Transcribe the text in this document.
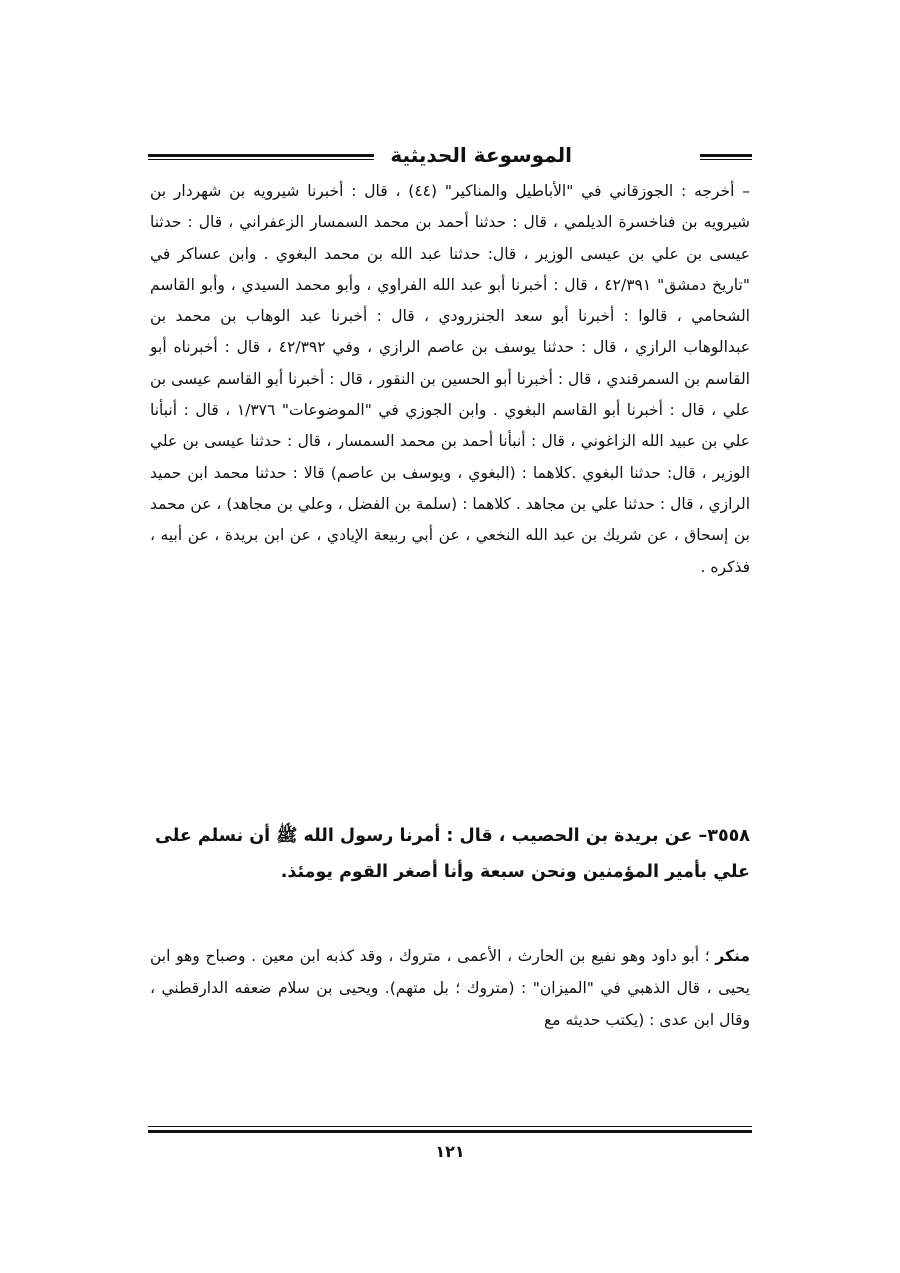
الموسوعة الحديثية

– أخرجه : الجوزقاني في "الأباطيل والمناكير" (٤٤) ، قال : أخبرنا شيرويه بن شهردار بن شيرويه بن فناخسرة الديلمي ، قال : حدثنا أحمد بن محمد السمسار الزعفراني ، قال : حدثنا عيسى بن علي بن عيسى الوزير ، قال: حدثنا عبد الله بن محمد البغوي . وابن عساكر في "تاريخ دمشق" ٤٢/٣٩١ ، قال : أخبرنا أبو عبد الله الفراوي ، وأبو محمد السيدي ، وأبو القاسم الشحامي ، قالوا : أخبرنا أبو سعد الجنزرودي ، قال : أخبرنا عبد الوهاب بن محمد بن عبدالوهاب الرازي ، قال : حدثنا يوسف بن عاصم الرازي ، وفي ٤٢/٣٩٢ ، قال : أخبرناه أبو القاسم بن السمرقندي ، قال : أخبرنا أبو الحسين بن النقور ، قال : أخبرنا أبو القاسم عيسى بن علي ، قال : أخبرنا أبو القاسم البغوي . وابن الجوزي في "الموضوعات" ١/٣٧٦ ، قال : أنبأنا علي بن عبيد الله الزاغوني ، قال : أنبأنا أحمد بن محمد السمسار ، قال : حدثنا عيسى بن علي الوزير ، قال: حدثنا البغوي .كلاهما : (البغوي ، ويوسف بن عاصم) قالا : حدثنا محمد ابن حميد الرازي ، قال : حدثنا علي بن مجاهد . كلاهما : (سلمة بن الفضل ، وعلي بن مجاهد) ، عن محمد بن إسحاق ، عن شريك بن عبد الله النخعي ، عن أبي ربيعة الإيادي ، عن ابن بريدة ، عن أبيه ، فذكره .

٣٥٥٨– عن بريدة بن الحصيب ، قال : أمرنا رسول الله ﷺ أن نسلم على علي بأمير المؤمنين ونحن سبعة وأنا أصغر القوم يومئذ.
منكر ؛ أبو داود وهو نفيع بن الحارث ، الأعمى ، متروك ، وقد كذبه ابن معين . وصباح وهو ابن يحيى ، قال الذهبي في "الميزان" : (متروك ؛ بل متهم). ويحيى بن سلام ضعفه الدارقطني ، وقال ابن عدى : (يكتب حديثه مع
١٢١
